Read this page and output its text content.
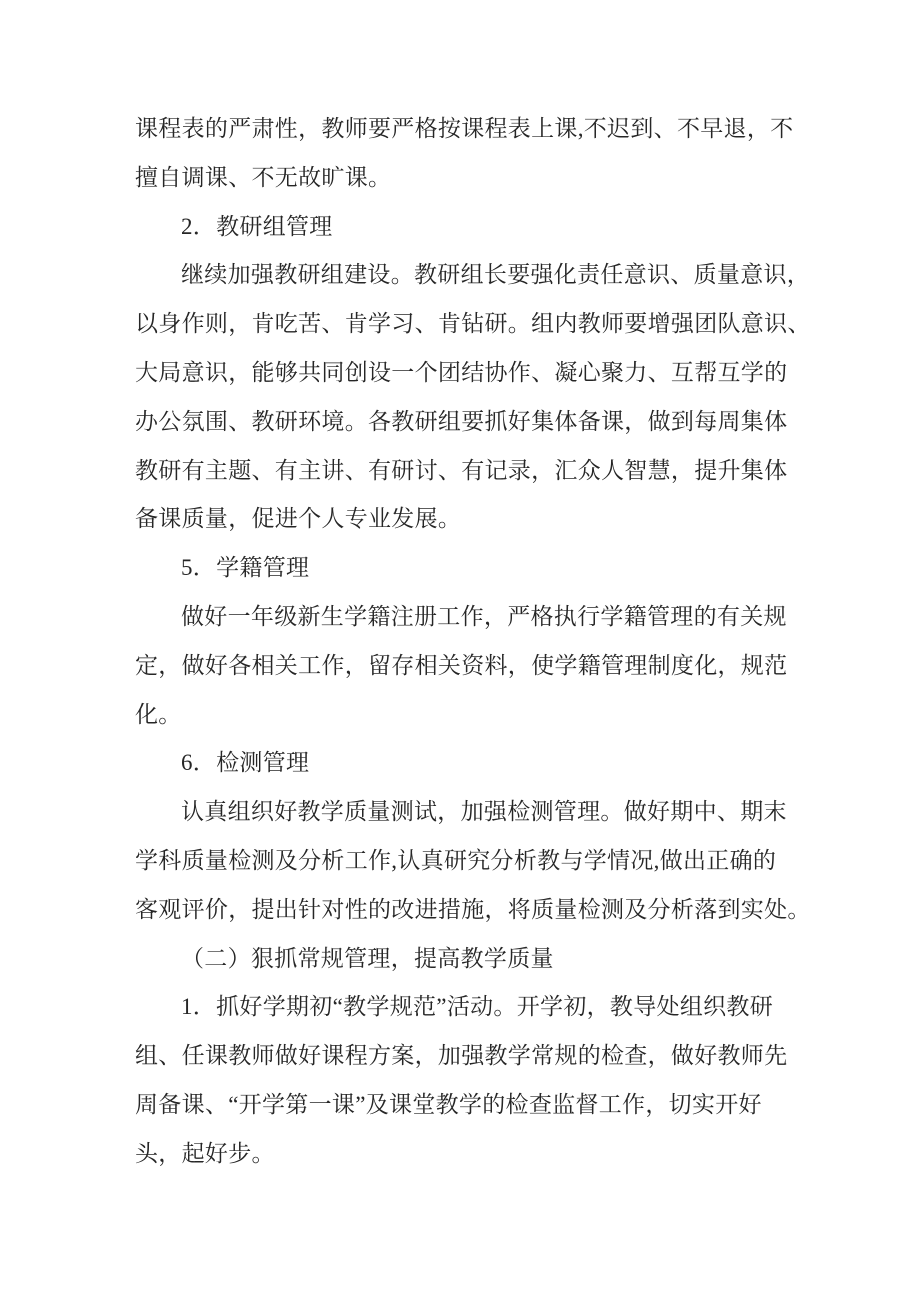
课程表的严肃性，教师要严格按课程表上课,不迟到、不早退，不
擅自调课、不无故旷课。
2．教研组管理
继续加强教研组建设。教研组长要强化责任意识、质量意识，
以身作则，肯吃苦、肯学习、肯钻研。组内教师要增强团队意识、
大局意识，能够共同创设一个团结协作、凝心聚力、互帮互学的
办公氛围、教研环境。各教研组要抓好集体备课，做到每周集体
教研有主题、有主讲、有研讨、有记录，汇众人智慧，提升集体
备课质量，促进个人专业发展。
5．学籍管理
做好一年级新生学籍注册工作，严格执行学籍管理的有关规
定，做好各相关工作，留存相关资料，使学籍管理制度化，规范
化。
6．检测管理
认真组织好教学质量测试，加强检测管理。做好期中、期末
学科质量检测及分析工作,认真研究分析教与学情况,做出正确的
客观评价，提出针对性的改进措施，将质量检测及分析落到实处。
（二）狠抓常规管理，提高教学质量
1．抓好学期初“教学规范”活动。开学初，教导处组织教研
组、任课教师做好课程方案，加强教学常规的检查，做好教师先
周备课、“开学第一课”及课堂教学的检查监督工作，切实开好
头，起好步。
